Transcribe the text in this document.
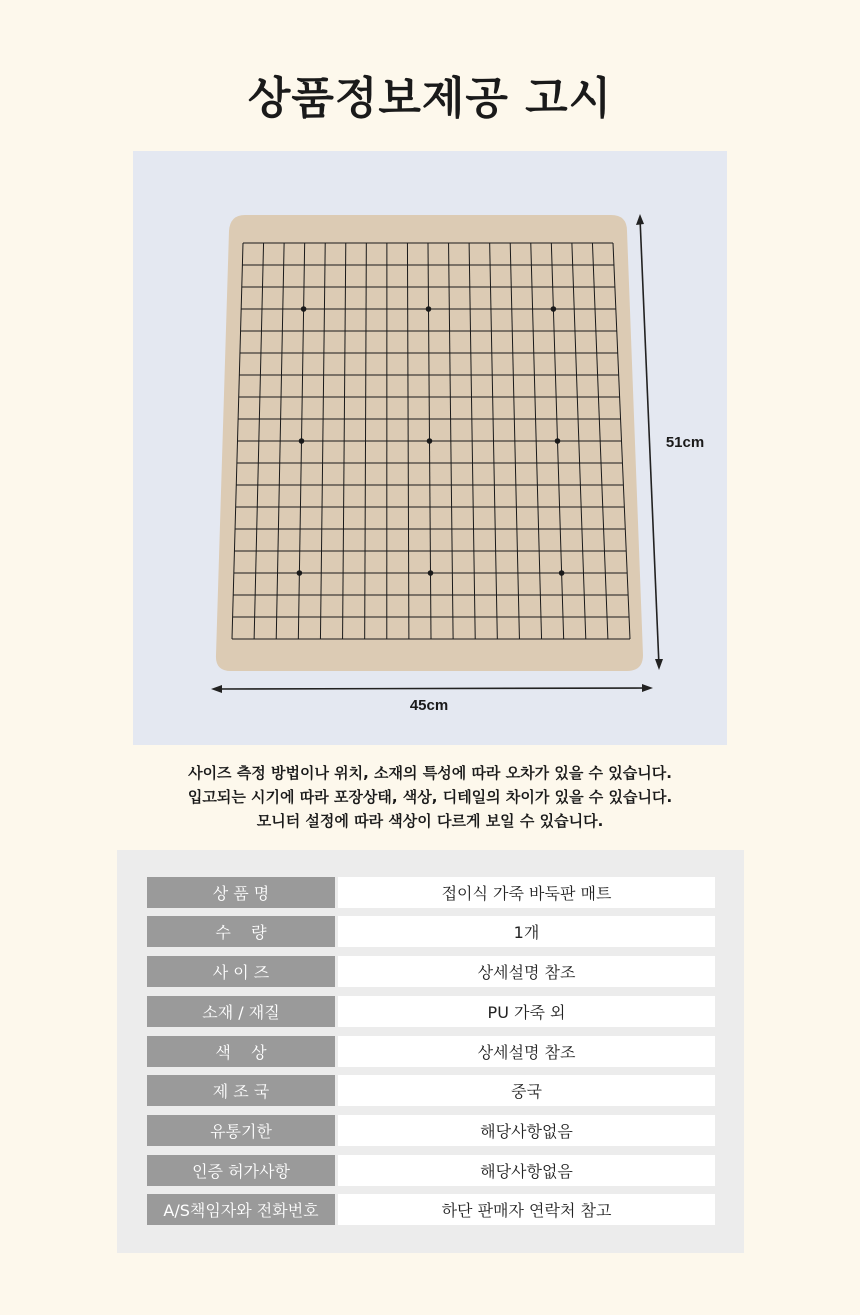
상품정보제공 고시
51cm
45cm
사이즈 측정 방법이나 위치, 소재의 특성에 따라 오차가 있을 수 있습니다.
입고되는 시기에 따라 포장상태, 색상, 디테일의 차이가 있을 수 있습니다.
모니터 설정에 따라 색상이 다르게 보일 수 있습니다.
상 품 명	접이식 가죽 바둑판 매트
수    량	1개
사 이 즈	상세설명 참조
소재 / 재질	PU 가죽 외
색    상	상세설명 참조
제 조 국	중국
유통기한	해당사항없음
인증 허가사항	해당사항없음
A/S책임자와 전화번호	하단 판매자 연락처 참고
